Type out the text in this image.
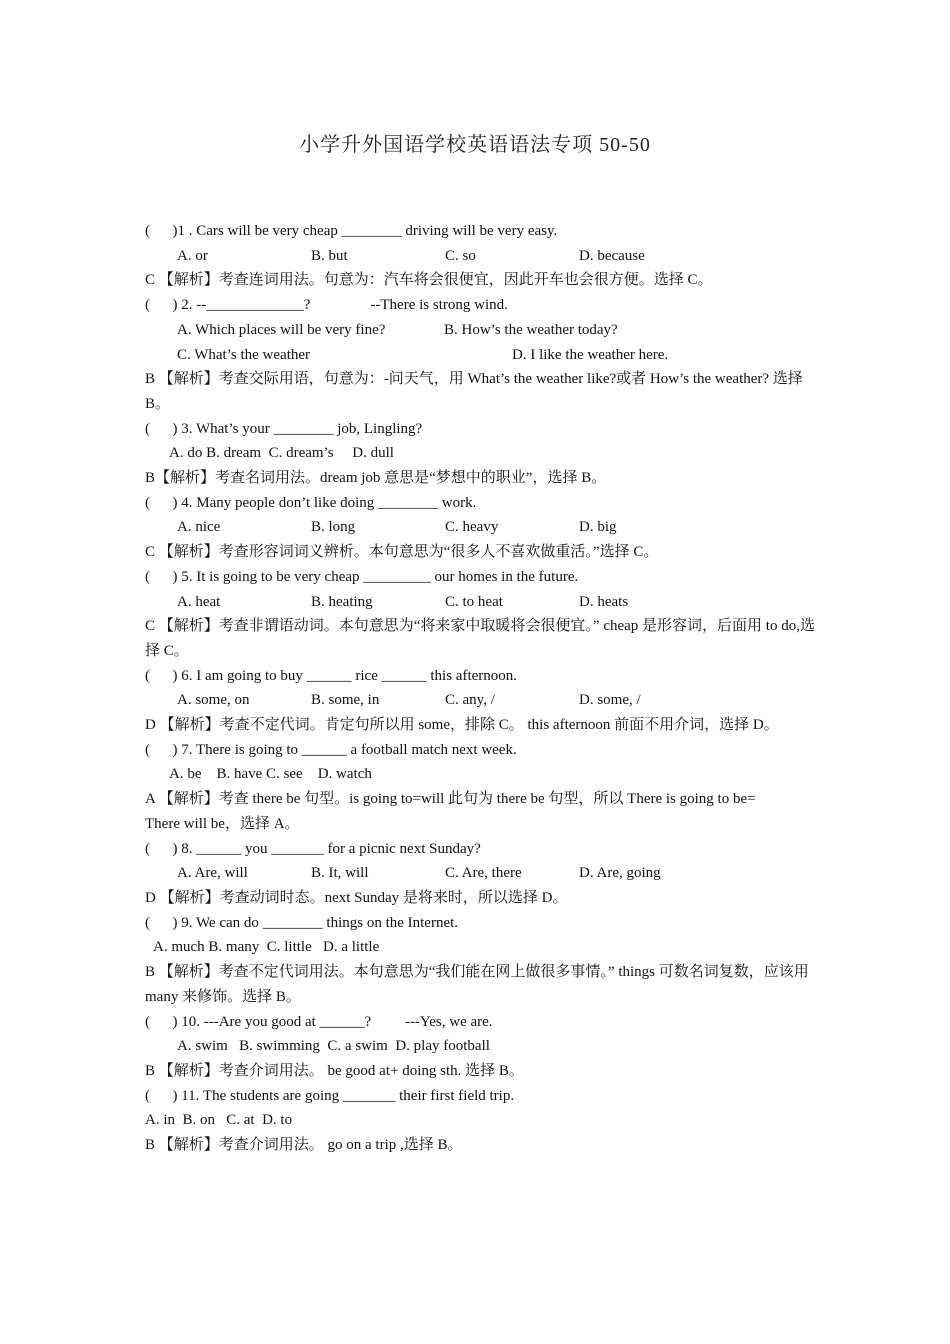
小学升外国语学校英语语法专项 50-50

(      )1 . Cars will be very cheap ________ driving will be very easy.

A. or	B. but	C. so	D. because

C 【解析】考查连词用法。句意为：汽车将会很便宜，因此开车也会很方便。选择 C。

(      ) 2. --_____________?                --There is strong wind.

A. Which places will be very fine?	B. How’s the weather today?

C. What’s the weather	D. I like the weather here.

B 【解析】考查交际用语，句意为：-问天气，用 What’s the weather like?或者 How’s the weather? 选择 B。

(      ) 3. What’s your ________ job, Lingling?

A. do B. dream  C. dream’s     D. dull

B【解析】考查名词用法。dream job 意思是“梦想中的职业”，选择 B。

(      ) 4. Many people don’t like doing ________ work.

A. nice	B. long	C. heavy	D. big

C 【解析】考查形容词词义辨析。本句意思为“很多人不喜欢做重活。”选择 C。

(      ) 5. It is going to be very cheap _________ our homes in the future.

A. heat	B. heating	C. to heat	D. heats

C 【解析】考查非谓语动词。本句意思为“将来家中取暖将会很便宜。” cheap 是形容词，后面用 to do,选择 C。

(      ) 6. I am going to buy ______ rice ______ this afternoon.

A. some, on	B. some, in	C. any, /	D. some, /

D 【解析】考查不定代词。肯定句所以用 some，排除 C。 this afternoon 前面不用介词，选择 D。

(      ) 7. There is going to ______ a football match next week.

A. be    B. have C. see    D. watch

A 【解析】考查 there be 句型。is going to=will 此句为 there be 句型，所以 There is going to be=

There will be，选择 A。

(      ) 8. ______ you _______ for a picnic next Sunday?

A. Are, will	B. It, will	C. Are, there	D. Are, going

D 【解析】考查动词时态。next Sunday 是将来时，所以选择 D。

(      ) 9. We can do ________ things on the Internet.

A. much B. many  C. little   D. a little

B 【解析】考查不定代词用法。本句意思为“我们能在网上做很多事情。” things 可数名词复数，应该用 many 来修饰。选择 B。

(      ) 10. ---Are you good at ______?         ---Yes, we are.

A. swim   B. swimming  C. a swim  D. play football

B 【解析】考查介词用法。 be good at+ doing sth. 选择 B。

(      ) 11. The students are going _______ their first field trip.

A. in  B. on   C. at  D. to

B 【解析】考查介词用法。 go on a trip ,选择 B。
